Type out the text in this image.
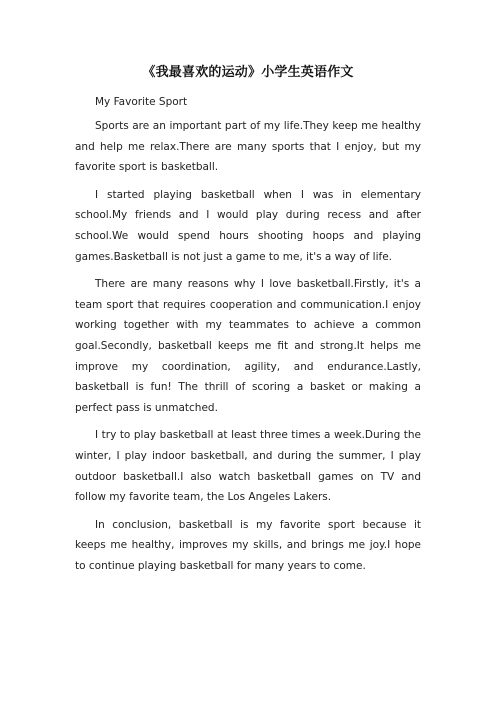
《我最喜欢的运动》小学生英语作文
My Favorite Sport

Sports are an important part of my life.They keep me healthy and help me relax.There are many sports that I enjoy, but my favorite sport is basketball.

I started playing basketball when I was in elementary school.My friends and I would play during recess and after school.We would spend hours shooting hoops and playing games.Basketball is not just a game to me, it's a way of life.

There are many reasons why I love basketball.Firstly, it's a team sport that requires cooperation and communication.I enjoy working together with my teammates to achieve a common goal.Secondly, basketball keeps me fit and strong.It helps me improve my coordination, agility, and endurance.Lastly, basketball is fun! The thrill of scoring a basket or making a perfect pass is unmatched.

I try to play basketball at least three times a week.During the winter, I play indoor basketball, and during the summer, I play outdoor basketball.I also watch basketball games on TV and follow my favorite team, the Los Angeles Lakers.

In conclusion, basketball is my favorite sport because it keeps me healthy, improves my skills, and brings me joy.I hope to continue playing basketball for many years to come.
